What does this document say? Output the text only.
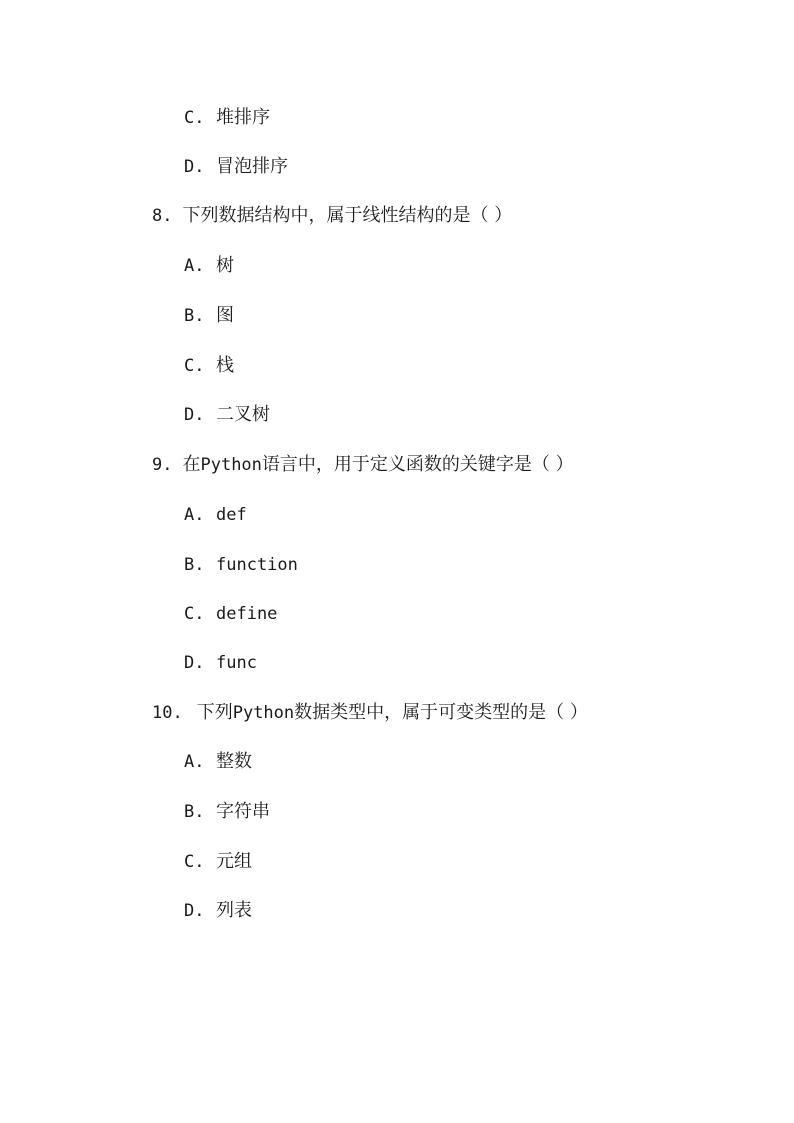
C. 堆排序
D. 冒泡排序
8. 下列数据结构中，属于线性结构的是（ ）
A. 树
B. 图
C. 栈
D. 二叉树
9. 在 Python 语言中，用于定义函数的关键字是（ ）
A. def
B. function
C. define
D. func
10. 下列 Python 数据类型中，属于可变类型的是（ ）
A. 整数
B. 字符串
C. 元组
D. 列表
